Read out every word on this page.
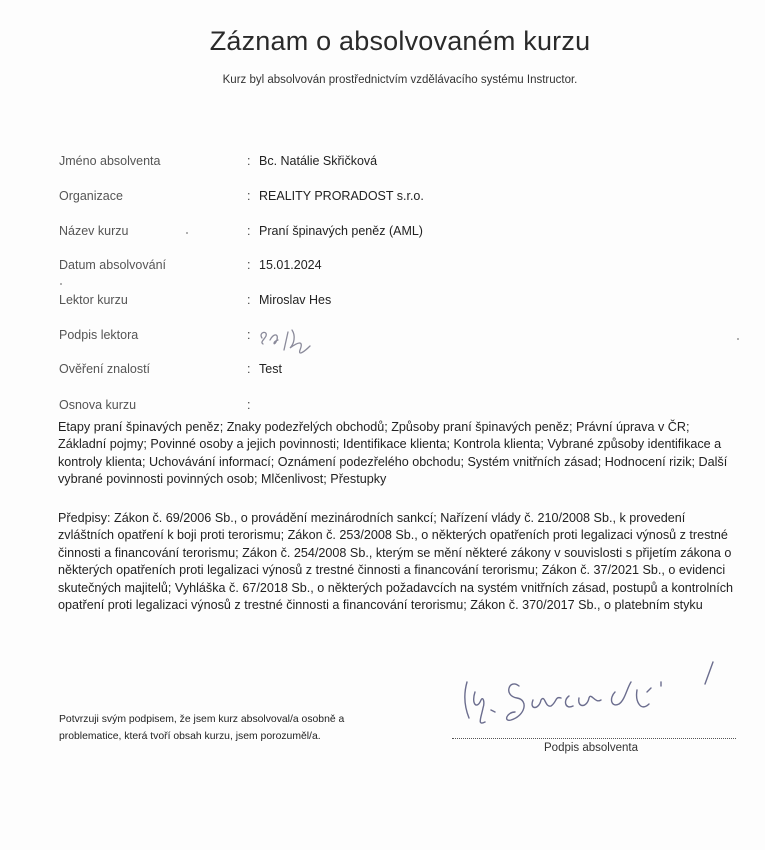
Záznam o absolvovaném kurzu
Kurz byl absolvován prostřednictvím vzdělávacího systému Instructor.
Jméno absolventa	: Bc. Natálie Skřičková
Organizace	: REALITY PRORADOST s.r.o.
Název kurzu	: Praní špinavých peněz (AML)
Datum absolvování	: 15.01.2024
Lektor kurzu	: Miroslav Hes
Podpis lektora	:
Ověření znalostí	: Test
Osnova kurzu	:
Etapy praní špinavých peněz; Znaky podezřelých obchodů; Způsoby praní špinavých peněz; Právní úprava v ČR; Základní pojmy; Povinné osoby a jejich povinnosti; Identifikace klienta; Kontrola klienta; Vybrané způsoby identifikace a kontroly klienta; Uchovávání informací; Oznámení podezřelého obchodu; Systém vnitřních zásad; Hodnocení rizik; Další vybrané povinnosti povinných osob; Mlčenlivost; Přestupky
Předpisy: Zákon č. 69/2006 Sb., o provádění mezinárodních sankcí; Nařízení vlády č. 210/2008 Sb., k provedení zvláštních opatření k boji proti terorismu; Zákon č. 253/2008 Sb., o některých opatřeních proti legalizaci výnosů z trestné činnosti a financování terorismu; Zákon č. 254/2008 Sb., kterým se mění některé zákony v souvislosti s přijetím zákona o některých opatřeních proti legalizaci výnosů z trestné činnosti a financování terorismu; Zákon č. 37/2021 Sb., o evidenci skutečných majitelů; Vyhláška č. 67/2018 Sb., o některých požadavcích na systém vnitřních zásad, postupů a kontrolních opatření proti legalizaci výnosů z trestné činnosti a financování terorismu; Zákon č. 370/2017 Sb., o platebním styku
Potvrzuji svým podpisem, že jsem kurz absolvoval/a osobně a problematice, která tvoří obsah kurzu, jsem porozuměl/a.
Podpis absolventa
